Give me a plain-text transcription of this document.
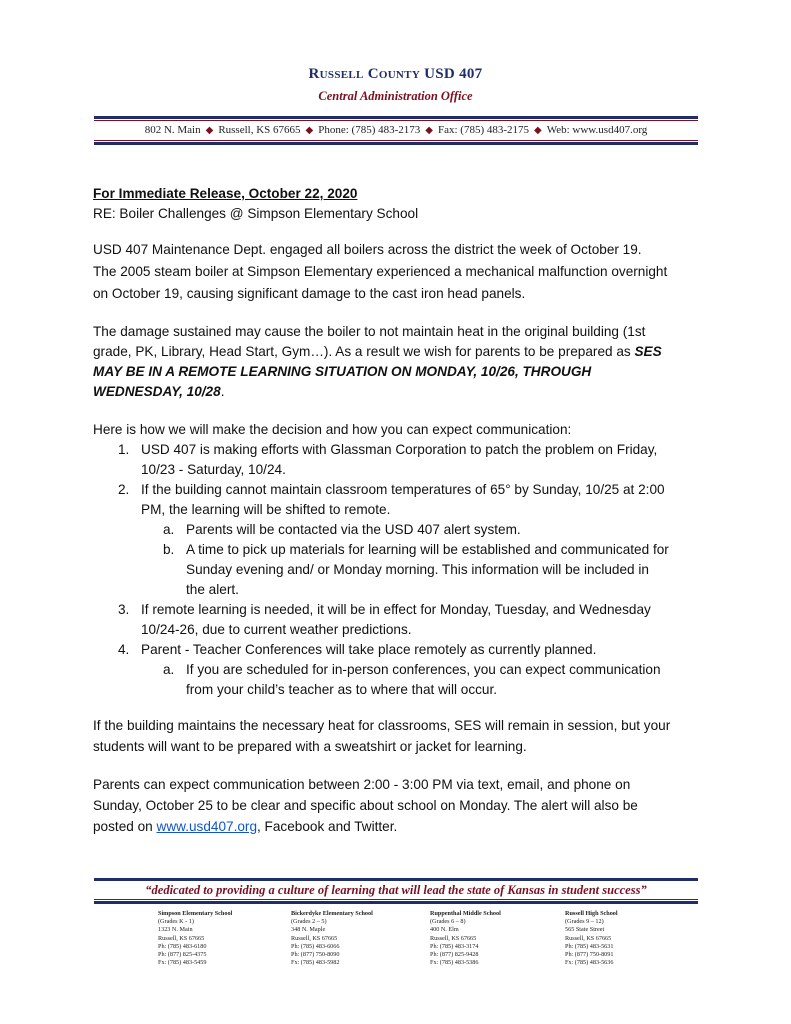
Russell County USD 407
Central Administration Office
802 N. Main ◆ Russell, KS 67665 ◆ Phone: (785) 483-2173 ◆ Fax: (785) 483-2175 ◆ Web: www.usd407.org
For Immediate Release, October 22, 2020
RE: Boiler Challenges @ Simpson Elementary School
USD 407 Maintenance Dept. engaged all boilers across the district the week of October 19.
The 2005 steam boiler at Simpson Elementary experienced a mechanical malfunction overnight
on October 19, causing significant damage to the cast iron head panels.
The damage sustained may cause the boiler to not maintain heat in the original building (1st
grade, PK, Library, Head Start, Gym…). As a result we wish for parents to be prepared as SES
MAY BE IN A REMOTE LEARNING SITUATION ON MONDAY, 10/26, THROUGH
WEDNESDAY, 10/28.
Here is how we will make the decision and how you can expect communication:
1. USD 407 is making efforts with Glassman Corporation to patch the problem on Friday,
10/23 - Saturday, 10/24.
2. If the building cannot maintain classroom temperatures of 65° by Sunday, 10/25 at 2:00
PM, the learning will be shifted to remote.
a. Parents will be contacted via the USD 407 alert system.
b. A time to pick up materials for learning will be established and communicated for
Sunday evening and/ or Monday morning. This information will be included in
the alert.
3. If remote learning is needed, it will be in effect for Monday, Tuesday, and Wednesday
10/24-26, due to current weather predictions.
4. Parent - Teacher Conferences will take place remotely as currently planned.
a. If you are scheduled for in-person conferences, you can expect communication
from your child’s teacher as to where that will occur.
If the building maintains the necessary heat for classrooms, SES will remain in session, but your
students will want to be prepared with a sweatshirt or jacket for learning.
Parents can expect communication between 2:00 - 3:00 PM via text, email, and phone on
Sunday, October 25 to be clear and specific about school on Monday. The alert will also be
posted on www.usd407.org, Facebook and Twitter.
“dedicated to providing a culture of learning that will lead the state of Kansas in student success”
Simpson Elementary School
(Grades K - 1)
1323 N. Main
Russell, KS 67665
Ph: (785) 483-6180
Ph: (877) 825-4375
Fx: (785) 483-5459
Bickerdyke Elementary School
(Grades 2 – 5)
348 N. Maple
Russell, KS 67665
Ph: (785) 483-6066
Ph: (877) 750-8090
Fx: (785) 483-5982
Ruppenthal Middle School
(Grades 6 – 8)
400 N. Elm
Russell, KS 67665
Ph: (785) 483-3174
Ph: (877) 825-9428
Fx: (785) 483-5386
Russell High School
(Grades 9 – 12)
565 State Street
Russell, KS 67665
Ph: (785) 483-5631
Ph: (877) 750-8091
Fx: (785) 483-5636
